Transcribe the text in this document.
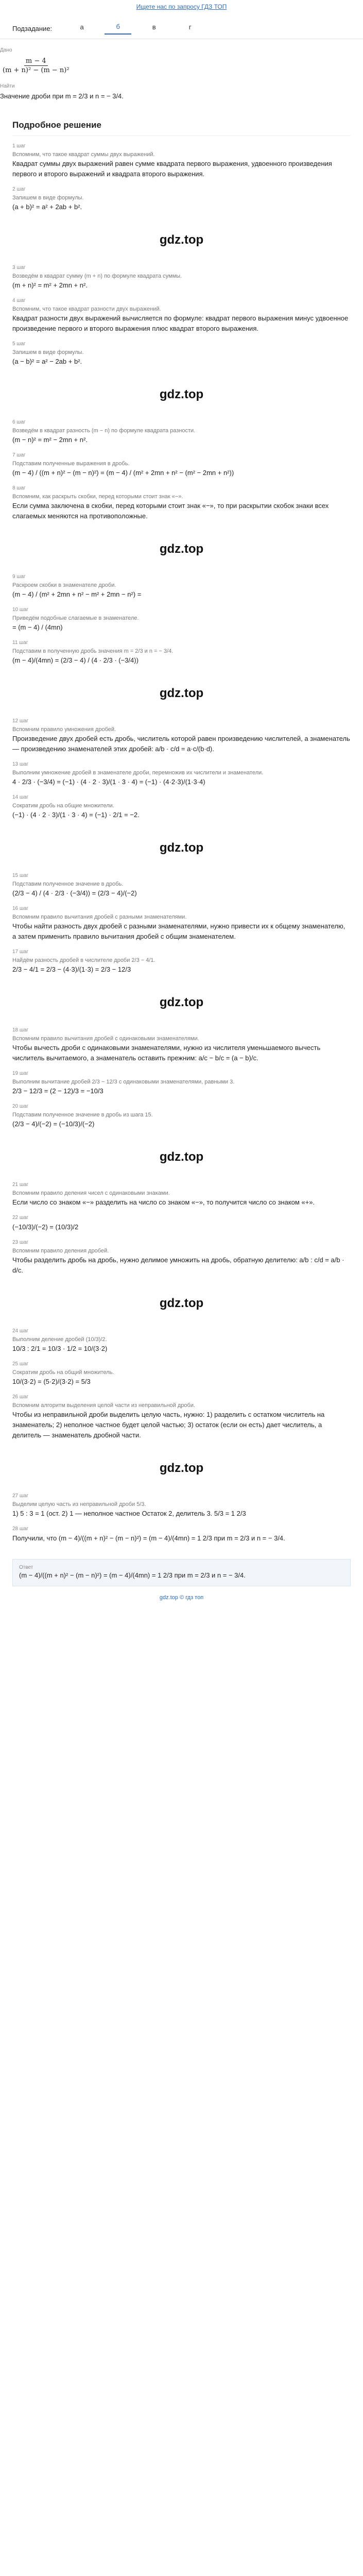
Ищете нас по запросу ГДЗ ТОП
Подзадание:	а	б	в	г
Дано
$\frac{m - 4}{\text{(m + n)² − (m − n)²}}$
Найти
Значение дроби при m = 2/3 и n = − 3/4.
Подробное решение
1 шаг
Вспомним, что такое квадрат суммы двух выражений.
Квадрат суммы двух выражений равен сумме квадрата первого выражения, удвоенного произведения первого и второго выражений и квадрата второго выражения.
2 шаг
Запишем в виде формулы.
(a + b)² = a² + 2ab + b².
gdz.top
3 шаг
Возведём в квадрат сумму (m + n) по формуле квадрата суммы.
(m + n)² = m² + 2mn + n².
4 шаг
Вспомним, что такое квадрат разности двух выражений.
Квадрат разности двух выражений вычисляется по формуле: квадрат первого выражения минус удвоенное произведение первого и второго выражения плюс квадрат второго выражения.
5 шаг
Запишем в виде формулы.
(a − b)² = a² − 2ab + b².
gdz.top
6 шаг
Возведём в квадрат разность (m − n) по формуле квадрата разности.
(m − n)² = m² − 2mn + n².
7 шаг
Подставим полученные выражения в дробь.
(m − 4) / ((m + n)² − (m − n)²) = (m − 4) / (m² + 2mn + n² − (m² − 2mn + n²))
8 шаг
Вспомним, как раскрыть скобки, перед которыми стоит знак «−».
Если сумма заключена в скобки, перед которыми стоит знак «−», то при раскрытии скобок знаки всех слагаемых меняются на противоположные.
gdz.top
9 шаг
Раскроем скобки в знаменателе дроби.
(m − 4) / (m² + 2mn + n² − m² + 2mn − n²) =
10 шаг
Приведём подобные слагаемые в знаменателе.
= (m − 4) / (4mn)
11 шаг
Подставим в полученную дробь значения m = 2/3 и n = − 3/4.
(m − 4)/(4mn) = (2/3 − 4) / (4 · 2/3 · (−3/4))
gdz.top
12 шаг
Вспомним правило умножения дробей.
Произведение двух дробей есть дробь, числитель которой равен произведению числителей, а знаменатель — произведению знаменателей этих дробей: a/b · c/d = a·c/(b·d).
13 шаг
Выполним умножение дробей в знаменателе дроби, перемножив их числители и знаменатели.
4 · 2/3 · (−3/4) = (−1) · (4 · 2 · 3)/(1 · 3 · 4) = (−1) · (4·2·3)/(1·3·4)
14 шаг
Сократим дробь на общие множители.
(−1) · (4 · 2 · 3)/(1 · 3 · 4) = (−1) · 2/1 = −2.
gdz.top
15 шаг
Подставим полученное значение в дробь.
(2/3 − 4) / (4 · 2/3 · (−3/4)) = (2/3 − 4)/(−2)
16 шаг
Вспомним правило вычитания дробей с разными знаменателями.
Чтобы найти разность двух дробей с разными знаменателями, нужно привести их к общему знаменателю, а затем применить правило вычитания дробей с общим знаменателем.
17 шаг
Найдём разность дробей в числителе дроби 2/3 − 4/1.
2/3 − 4/1 = 2/3 − (4·3)/(1·3) = 2/3 − 12/3
gdz.top
18 шаг
Вспомним правило вычитания дробей с одинаковыми знаменателями.
Чтобы вычесть дроби с одинаковыми знаменателями, нужно из числителя уменьшаемого вычесть числитель вычитаемого, а знаменатель оставить прежним: a/c − b/c = (a − b)/c.
19 шаг
Выполним вычитание дробей 2/3 − 12/3 с одинаковыми знаменателями, равными 3.
2/3 − 12/3 = (2 − 12)/3 = −10/3
20 шаг
Подставим полученное значение в дробь из шага 15.
(2/3 − 4)/(−2) = (−10/3)/(−2)
gdz.top
21 шаг
Вспомним правило деления чисел с одинаковыми знаками.
Если число со знаком «−» разделить на число со знаком «−», то получится число со знаком «+».
22 шаг
(−10/3)/(−2) = (10/3)/2
23 шаг
Вспомним правило деления дробей.
Чтобы разделить дробь на дробь, нужно делимое умножить на дробь, обратную делителю: a/b : c/d = a/b · d/c.
gdz.top
24 шаг
Выполним деление дробей (10/3)/2.
10/3 : 2/1 = 10/3 · 1/2 = 10/(3·2)
25 шаг
Сократим дробь на общий множитель.
10/(3·2) = (5·2)/(3·2) = 5/3
26 шаг
Вспомним алгоритм выделения целой части из неправильной дроби.
Чтобы из неправильной дроби выделить целую часть, нужно: 1) разделить с остатком числитель на знаменатель; 2) неполное частное будет целой частью; 3) остаток (если он есть) дает числитель, а делитель — знаменатель дробной части.
gdz.top
27 шаг
Выделим целую часть из неправильной дроби 5/3.
1) 5 : 3 = 1 (ост. 2) 1 — неполное частное Остаток 2, делитель 3. 5/3 = 1 2/3
28 шаг
Получили, что (m − 4)/((m + n)² − (m − n)²) = (m − 4)/(4mn) = 1 2/3 при m = 2/3 и n = − 3/4.
Ответ
(m − 4)/((m + n)² − (m − n)²) = (m − 4)/(4mn) = 1 2/3 при m = 2/3 и n = − 3/4.
gdz.top © гдз топ
